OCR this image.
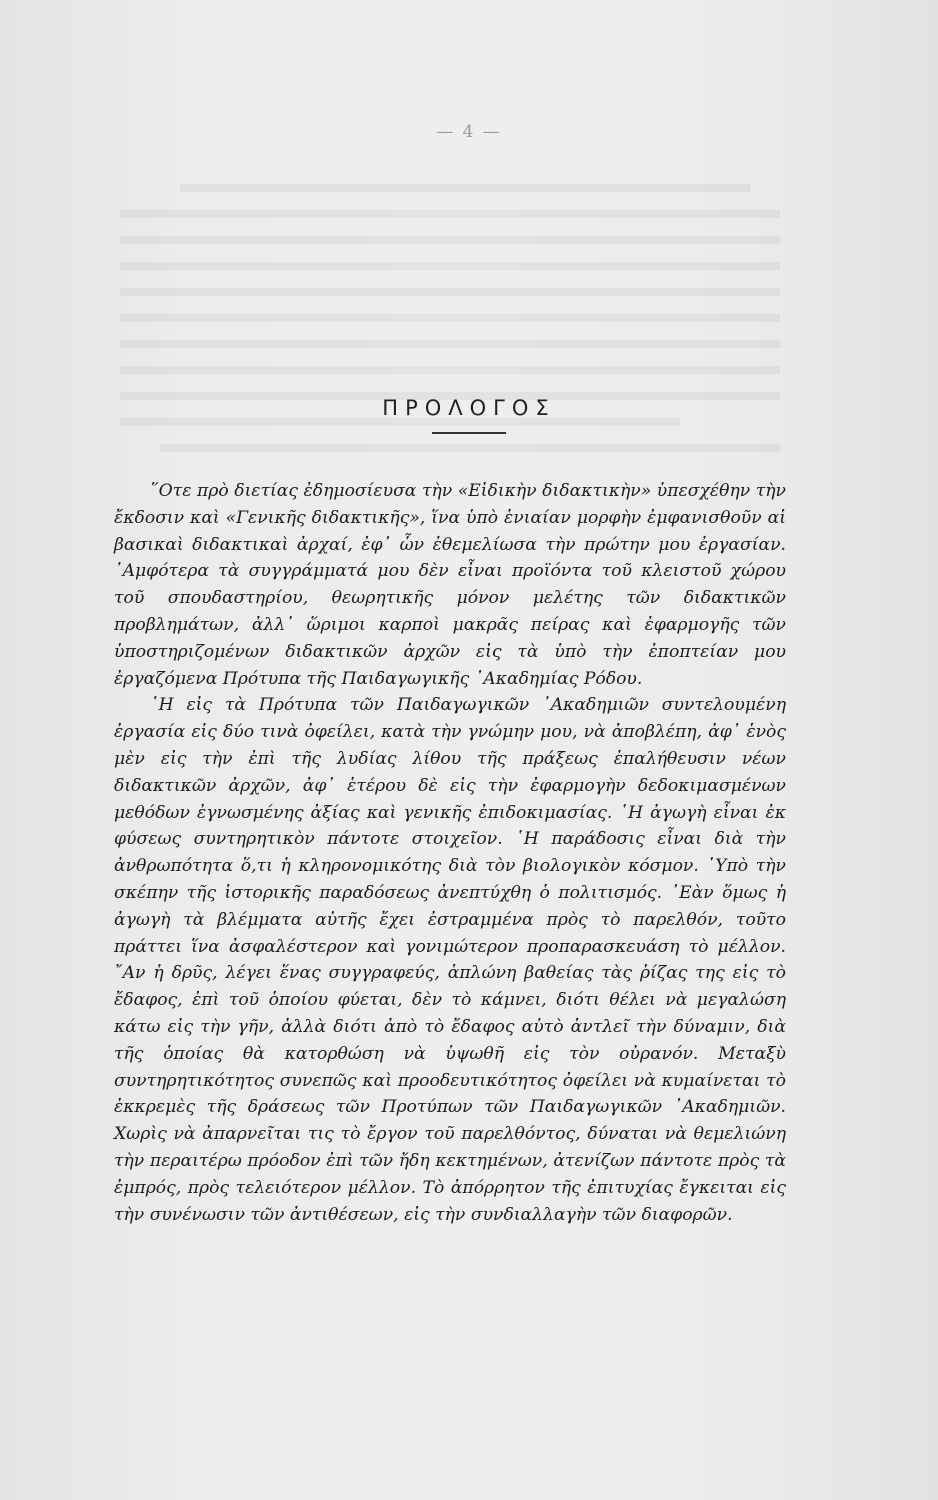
— 4 —
ΠΡΟΛΟΓΟΣ

῞Οτε πρὸ διετίας ἐδημοσίευσα τὴν «Εἰδικὴν διδακτικὴν» ὑπεσχέθην τὴν ἔκδοσιν καὶ «Γενικῆς διδακτικῆς», ἵνα ὑπὸ ἑνιαίαν μορφὴν ἐμφανισθοῦν αἱ βασικαὶ διδακτικαὶ ἀρχαί, ἐφ᾽ ὧν ἐθεμελίωσα τὴν πρώτην μου ἐργασίαν. ᾽Αμφότερα τὰ συγγράμματά μου δὲν εἶναι προϊόντα τοῦ κλειστοῦ χώρου τοῦ σπουδαστηρίου, θεωρητικῆς μόνον μελέτης τῶν διδακτικῶν προβλημάτων, ἀλλ᾽ ὥριμοι καρποὶ μακρᾶς πείρας καὶ ἐφαρμογῆς τῶν ὑποστηριζομένων διδακτικῶν ἀρχῶν εἰς τὰ ὑπὸ τὴν ἐποπτείαν μου ἐργαζόμενα Πρότυπα τῆς Παιδαγωγικῆς ᾽Ακαδημίας Ρόδου.

῾Η εἰς τὰ Πρότυπα τῶν Παιδαγωγικῶν ᾽Ακαδημιῶν συντελουμένη ἐργασία εἰς δύο τινὰ ὀφείλει, κατὰ τὴν γνώμην μου, νὰ ἀποβλέπη, ἀφ᾽ ἑνὸς μὲν εἰς τὴν ἐπὶ τῆς λυδίας λίθου τῆς πράξεως ἐπαλήθευσιν νέων διδακτικῶν ἀρχῶν, ἀφ᾽ ἑτέρου δὲ εἰς τὴν ἐφαρμογὴν δεδοκιμασμένων μεθόδων ἐγνωσμένης ἀξίας καὶ γενικῆς ἐπιδοκιμασίας. ῾Η ἀγωγὴ εἶναι ἐκ φύσεως συντηρητικὸν πάντοτε στοιχεῖον. ῾Η παράδοσις εἶναι διὰ τὴν ἀνθρωπότητα ὅ,τι ἡ κληρονομικότης διὰ τὸν βιολογικὸν κόσμον. ῾Υπὸ τὴν σκέπην τῆς ἱστορικῆς παραδόσεως ἀνεπτύχθη ὁ πολιτισμός. ᾽Εὰν ὅμως ἡ ἀγωγὴ τὰ βλέμματα αὐτῆς ἔχει ἐστραμμένα πρὸς τὸ παρελθόν, τοῦτο πράττει ἵνα ἀσφαλέστερον καὶ γονιμώτερον προπαρασκευάση τὸ μέλλον. ῎Αν ἡ δρῦς, λέγει ἕνας συγγραφεύς, ἁπλώνη βαθείας τὰς ῥίζας της εἰς τὸ ἔδαφος, ἐπὶ τοῦ ὁποίου φύεται, δὲν τὸ κάμνει, διότι θέλει νὰ μεγαλώση κάτω εἰς τὴν γῆν, ἀλλὰ διότι ἀπὸ τὸ ἔδαφος αὐτὸ ἀντλεῖ τὴν δύναμιν, διὰ τῆς ὁποίας θὰ κατορθώση νὰ ὑψωθῆ εἰς τὸν οὐρανόν. Μεταξὺ συντηρητικότητος συνεπῶς καὶ προοδευτικότητος ὀφείλει νὰ κυμαίνεται τὸ ἐκκρεμὲς τῆς δράσεως τῶν Προτύπων τῶν Παιδαγωγικῶν ᾽Ακαδημιῶν. Χωρὶς νὰ ἀπαρνεῖται τις τὸ ἔργον τοῦ παρελθόντος, δύναται νὰ θεμελιώνη τὴν περαιτέρω πρόοδον ἐπὶ τῶν ἤδη κεκτημένων, ἀτενίζων πάντοτε πρὸς τὰ ἐμπρός, πρὸς τελειότερον μέλλον. Τὸ ἀπόρρητον τῆς ἐπιτυχίας ἔγκειται εἰς τὴν συνένωσιν τῶν ἀντιθέσεων, εἰς τὴν συνδιαλλαγὴν τῶν διαφορῶν.
